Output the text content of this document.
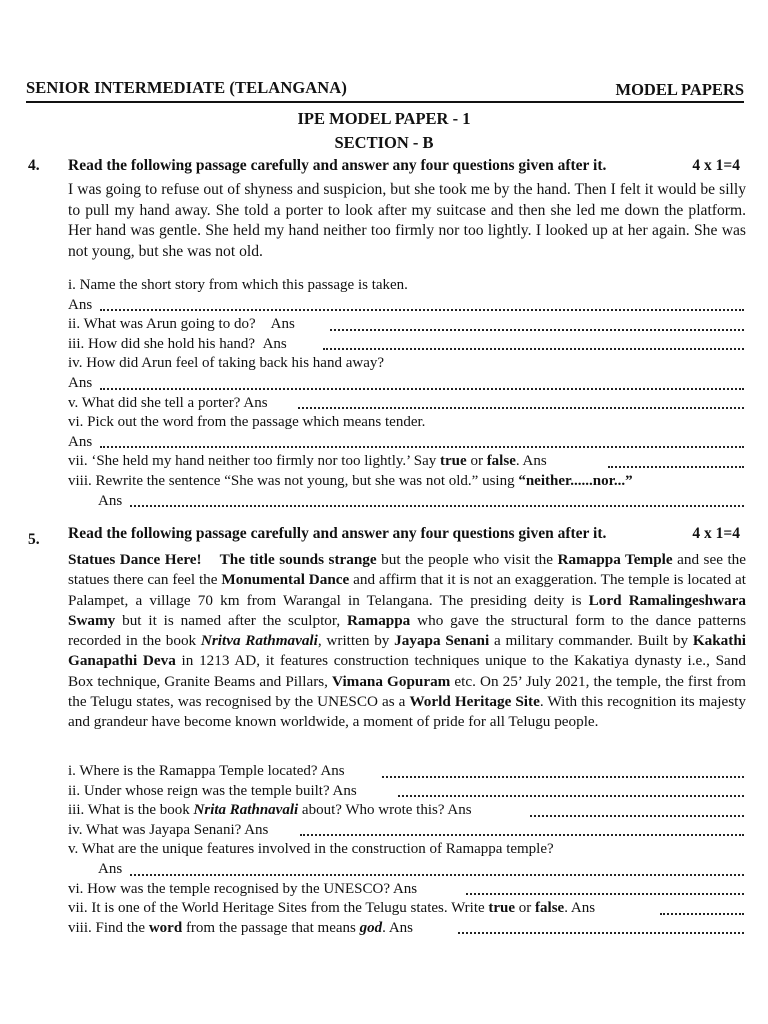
SENIOR INTERMEDIATE (TELANGANA)	MODEL PAPERS
IPE MODEL PAPER - 1
SECTION - B
4. Read the following passage carefully and answer any four questions given after it.	4 x 1=4
I was going to refuse out of shyness and suspicion, but she took me by the hand. Then I felt it would be silly to pull my hand away. She told a porter to look after my suitcase and then she led me down the platform. Her hand was gentle. She held my hand neither too firmly nor too lightly. I looked up at her again. She was not young, but she was not old.
i. Name the short story from which this passage is taken.
Ans
ii. What was Arun going to do? Ans
iii. How did she hold his hand? Ans
iv. How did Arun feel of taking back his hand away?
Ans
v. What did she tell a porter? Ans
vi. Pick out the word from the passage which means tender.
Ans
vii. ‘She held my hand neither too firmly nor too lightly.’ Say true or false. Ans
viii. Rewrite the sentence “She was not young, but she was not old.” using “neither......nor...”
Ans
5. Read the following passage carefully and answer any four questions given after it.	4 x 1=4
Statues Dance Here! The title sounds strange but the people who visit the Ramappa Temple and see the statues there can feel the Monumental Dance and affirm that it is not an exaggeration. The temple is located at Palampet, a village 70 km from Warangal in Telangana. The presiding deity is Lord Ramalingeshwara Swamy but it is named after the sculptor, Ramappa who gave the structural form to the dance patterns recorded in the book Nritva Rathmavali, written by Jayapa Senani a military commander. Built by Kakathi Ganapathi Deva in 1213 AD, it features construction techniques unique to the Kakatiya dynasty i.e., Sand Box technique, Granite Beams and Pillars, Vimana Gopuram etc. On 25’ July 2021, the temple, the first from the Telugu states, was recognised by the UNESCO as a World Heritage Site. With this recognition its majesty and grandeur have become known worldwide, a moment of pride for all Telugu people.
i. Where is the Ramappa Temple located? Ans
ii. Under whose reign was the temple built? Ans
iii. What is the book Nrita Rathnavali about? Who wrote this? Ans
iv. What was Jayapa Senani? Ans
v. What are the unique features involved in the construction of Ramappa temple?
Ans
vi. How was the temple recognised by the UNESCO? Ans
vii. It is one of the World Heritage Sites from the Telugu states. Write true or false. Ans
viii. Find the word from the passage that means god. Ans
